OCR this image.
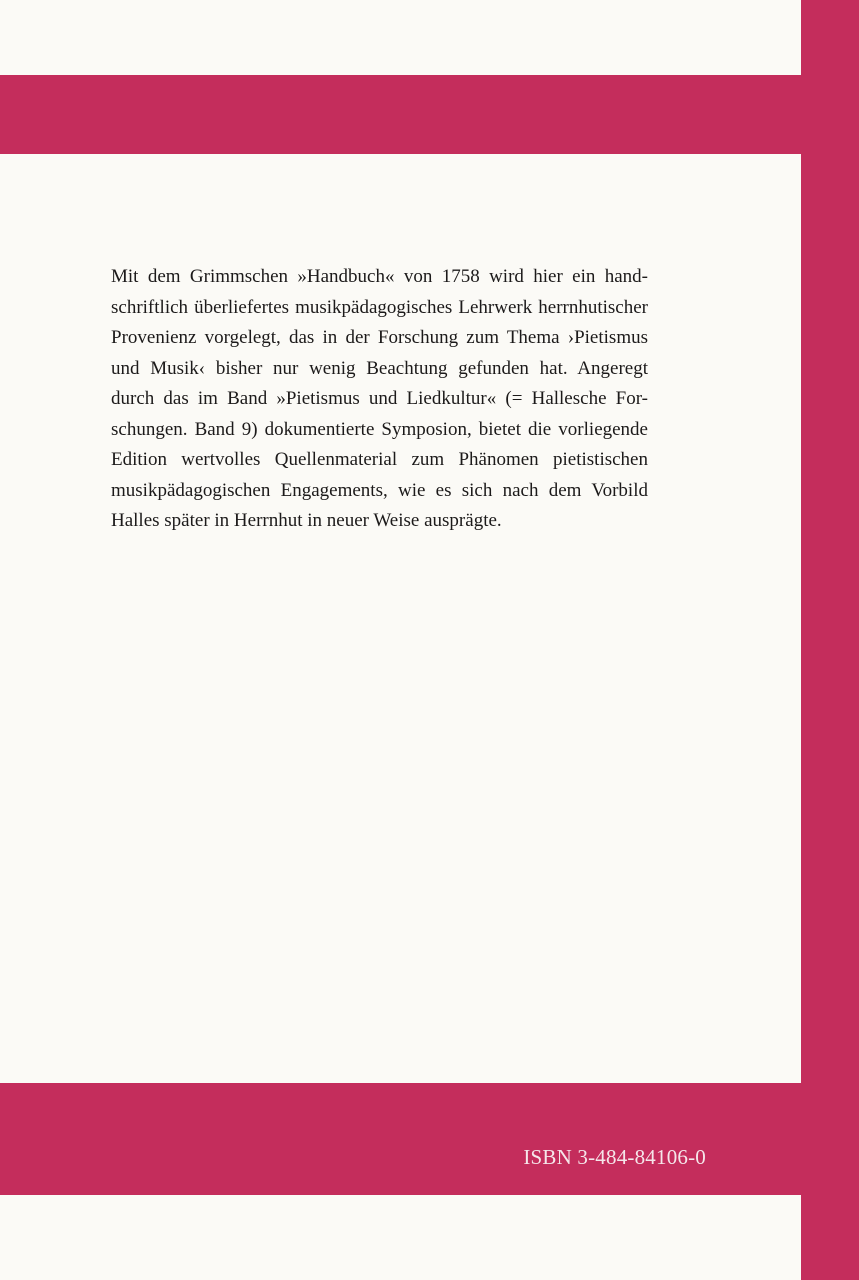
Mit dem Grimmschen »Handbuch« von 1758 wird hier ein hand-
schriftlich überliefertes musikpädagogisches Lehrwerk herrnhutischer
Provenienz vorgelegt, das in der Forschung zum Thema ›Pietismus
und Musik‹ bisher nur wenig Beachtung gefunden hat. Angeregt
durch das im Band »Pietismus und Liedkultur« (= Hallesche For-
schungen. Band 9) dokumentierte Symposion, bietet die vorliegende
Edition wertvolles Quellenmaterial zum Phänomen pietistischen
musikpädagogischen Engagements, wie es sich nach dem Vorbild
Halles später in Herrnhut in neuer Weise ausprägte.

ISBN 3-484-84106-0
